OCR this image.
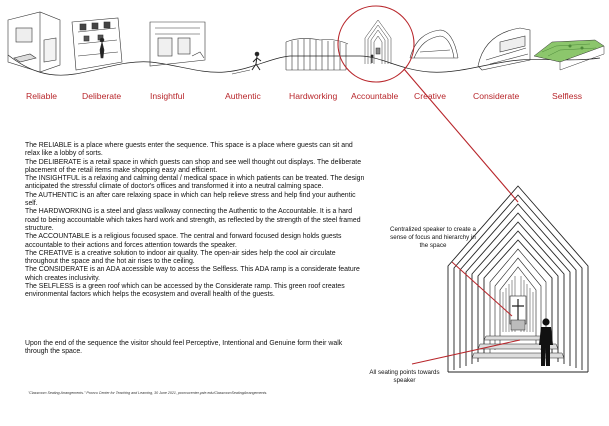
Reliable	Deliberate	Insightful	Authentic	Hardworking Accountable Creative	Considerate	Selfless

The RELIABLE is a place where guests enter the sequence. This space is a place where guests can sit and relax like a lobby of sorts.

The DELIBERATE is a retail space in which guests can shop and see well thought out displays. The deliberate placement of the retail items make shopping easy and efficient.

The INSIGHTFUL is a relaxing and calming dental / medical space in which patients can be treated. The design anticipated the stressful climate of doctor's offices and transformed it into a neutral calming space.

The AUTHENTIC is an after care relaxing space in which can help relieve stress and help find your authentic self.

The HARDWORKING is a steel and glass walkway connecting the Authentic to the Accountable. It is a hard road to being accountable which takes hard work and strength, as reflected by the strength of the steel framed structure.

The ACCOUNTABLE is a religious focused space. The central and forward focused design holds guests accountable to their actions and forces attention towards the speaker.

The CREATIVE is a creative solution to indoor air quality. The open-air sides help the cool air circulate throughout the space and the hot air rises to the ceiling.

The CONSIDERATE is an ADA accessible way to access the Selfless. This ADA ramp is a considerate feature which creates inclusivity.

The SELFLESS is a green roof which can be accessed by the Considerate ramp. This green roof creates environmental factors which helps the ecosystem and overall health of the guests.

Upon the end of the sequence the visitor should feel Perceptive, Intentional and Genuine form their walk through the space.

"Classroom Seating Arrangements." Poorvu Center for Teaching and Learning, 30 June 2021, poorvucenter.yale.edu/ClassroomSeatingArrangements.
Centralized speaker to create a sense of focus and hierarchy in the space
All seating points towards speaker
